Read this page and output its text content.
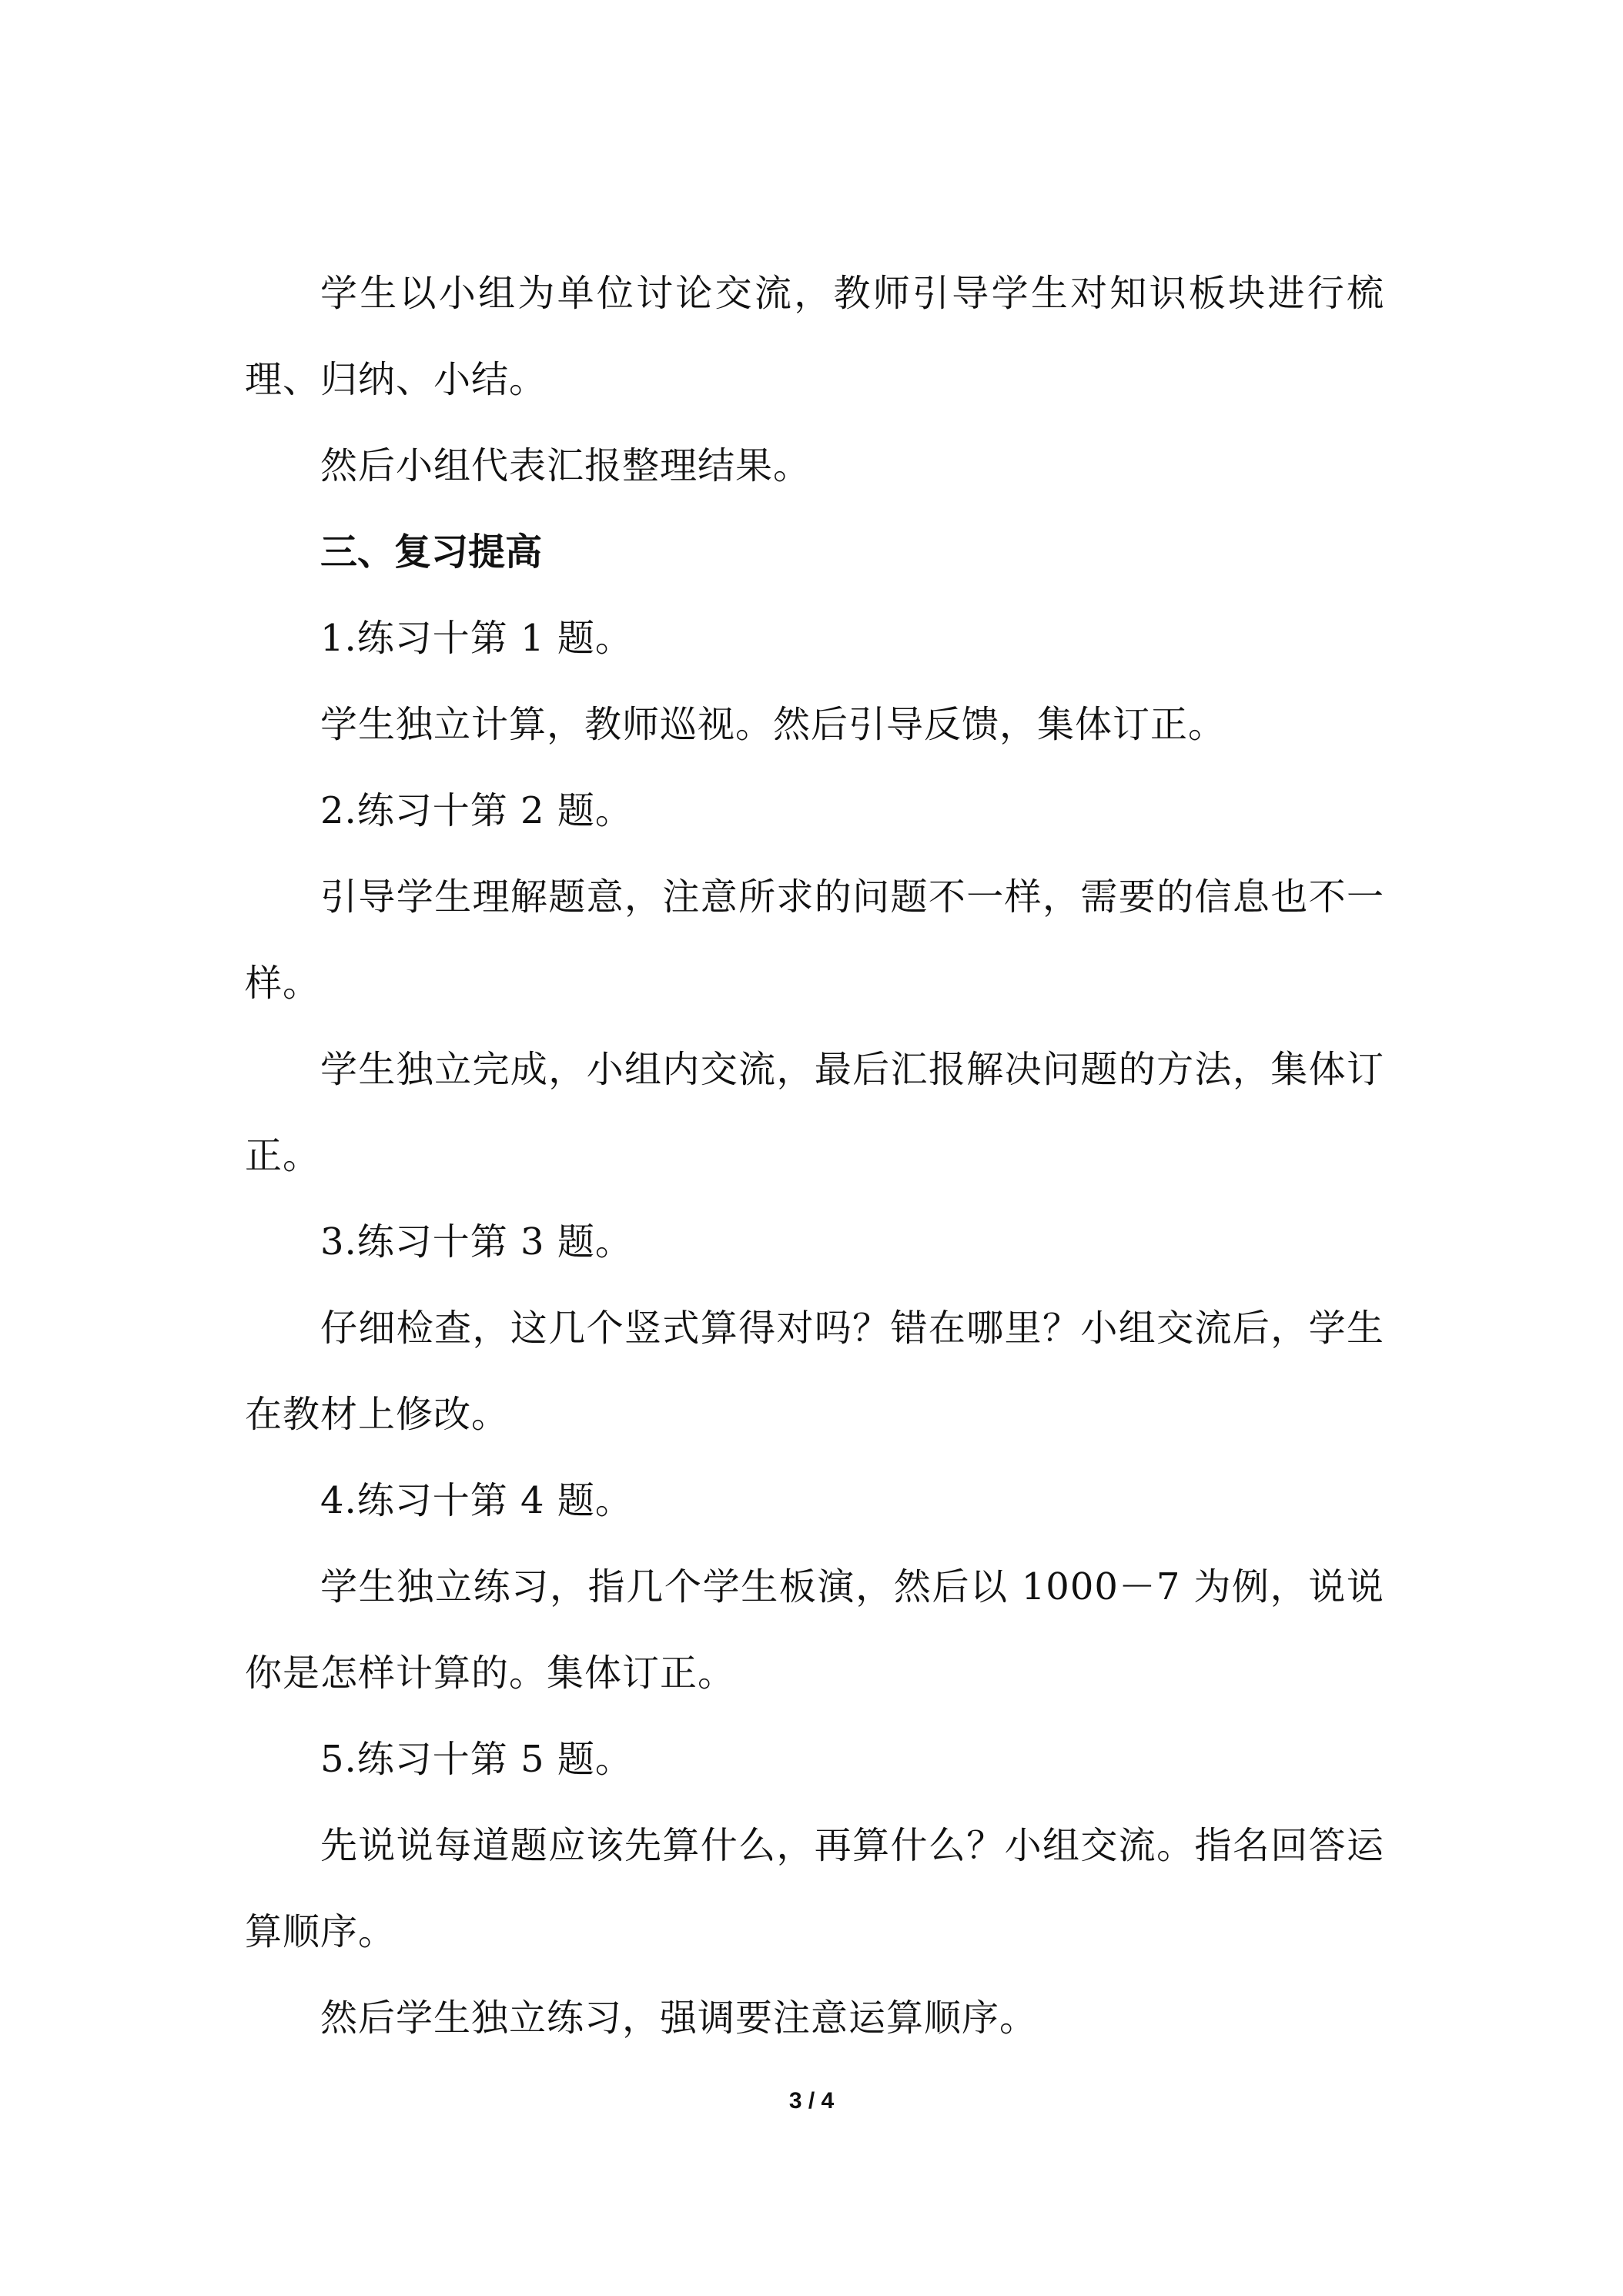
学生以小组为单位讨论交流，教师引导学生对知识板块进行梳理、归纳、小结。

然后小组代表汇报整理结果。

三、复习提高

1.练习十第 1 题。

学生独立计算，教师巡视。然后引导反馈，集体订正。

2.练习十第 2 题。

引导学生理解题意，注意所求的问题不一样，需要的信息也不一样。

学生独立完成，小组内交流，最后汇报解决问题的方法，集体订正。

3.练习十第 3 题。

仔细检查，这几个竖式算得对吗？错在哪里？小组交流后，学生在教材上修改。

4.练习十第 4 题。

学生独立练习，指几个学生板演，然后以 1000－7 为例，说说你是怎样计算的。集体订正。

5.练习十第 5 题。

先说说每道题应该先算什么，再算什么？小组交流。指名回答运算顺序。

然后学生独立练习，强调要注意运算顺序。

3 / 4
